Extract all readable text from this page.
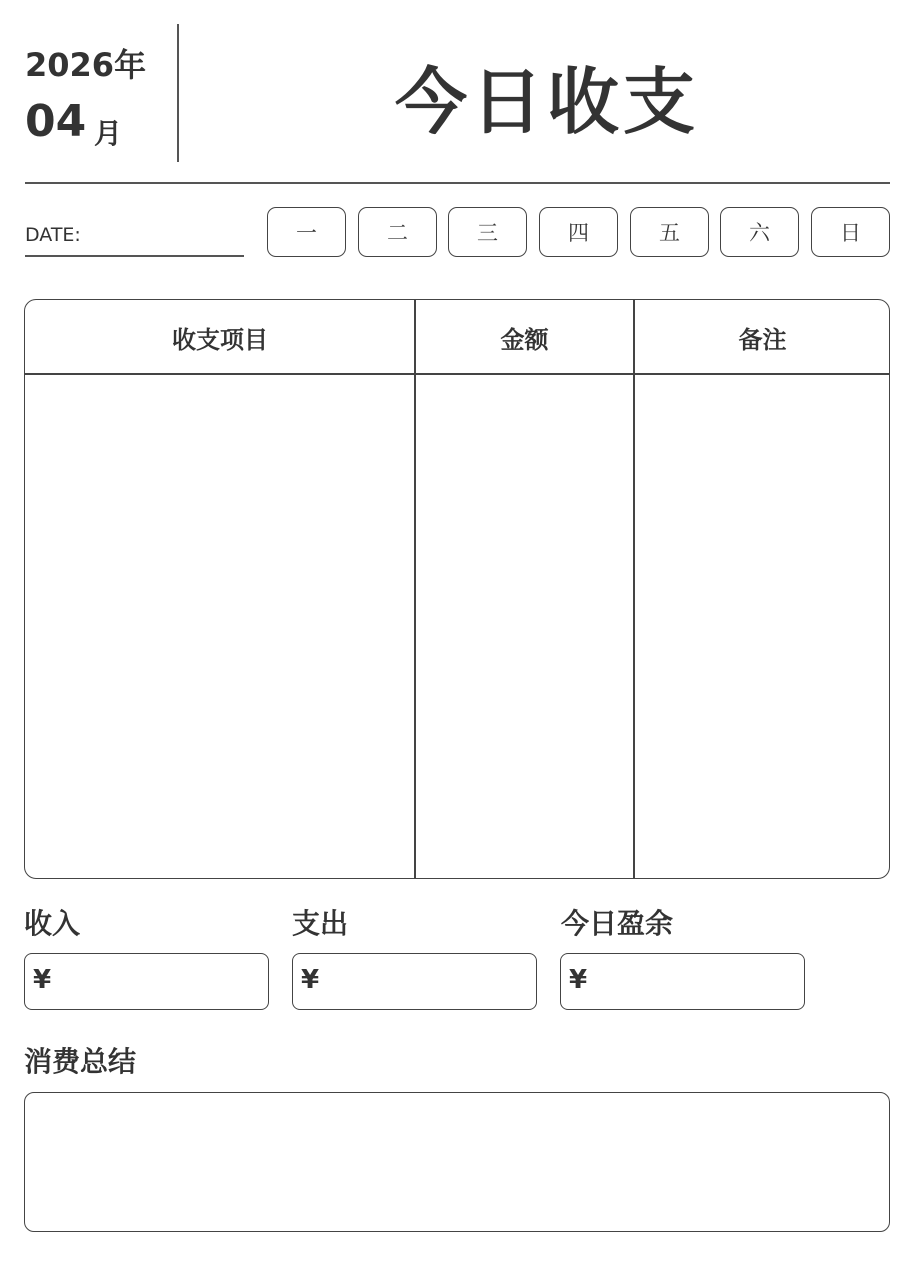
2026年
04 月	今日收支
DATE:	一	二	三	四	五	六	日
收支项目	金额	备注
收入	支出	今日盈余
¥	¥	¥
消费总结
